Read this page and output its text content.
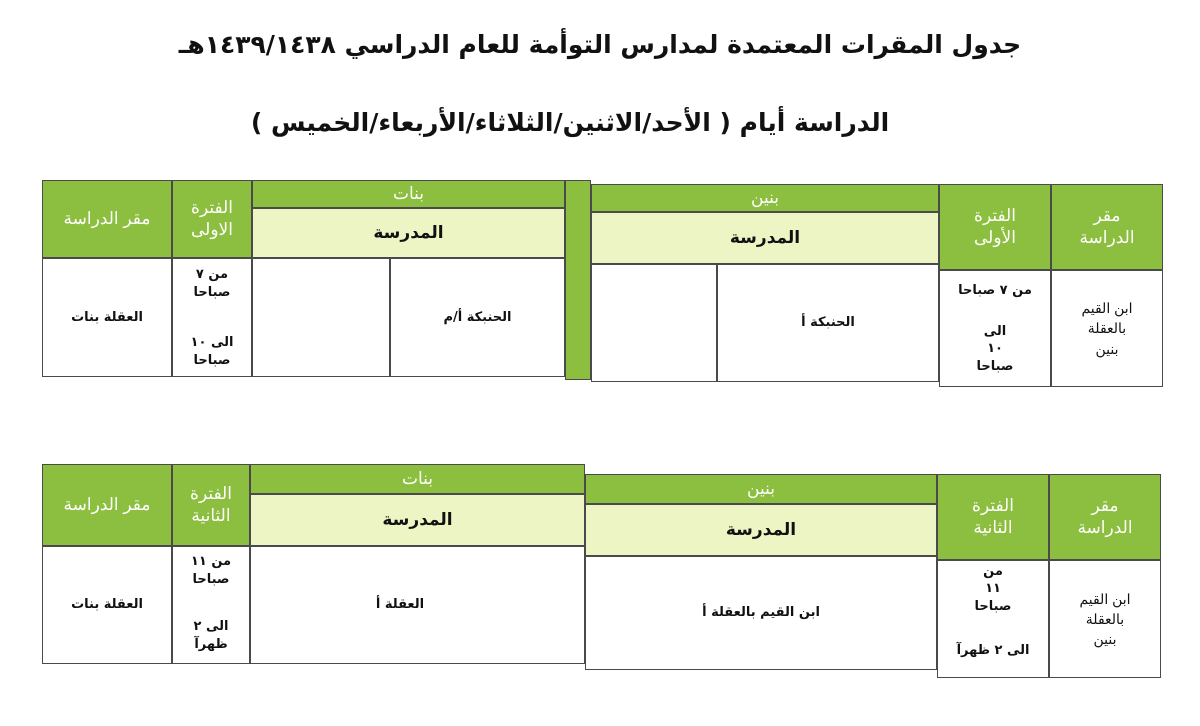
جدول المقرات المعتمدة لمدارس التوأمة للعام الدراسي ١٤٣٩/١٤٣٨هـ
الدراسة أيام ( الأحد/الاثنين/الثلاثاء/الأربعاء/الخميس )
مقر الدراسة
الفترة الاولى
بنات
المدرسة
بنين
المدرسة
الفترة الأولى
مقر الدراسة
العقلة بنات
من ٧ صباحا
الى ١٠ صباحا
الحنبكة أ/م	الحنبكة أ
من ٧ صباحا
الى ١٠ صباحا
ابن القيم بالعقلة بنين
مقر الدراسة
الفترة الثانية
بنات
المدرسة
بنين
المدرسة
الفترة الثانية
مقر الدراسة
العقلة بنات
من ١١ صباحا
الى ٢ ظهرآ
العقلة أ
ابن القيم بالعقلة أ
من ١١ صباحا
الى ٢ ظهرآ
ابن القيم بالعقلة بنين
